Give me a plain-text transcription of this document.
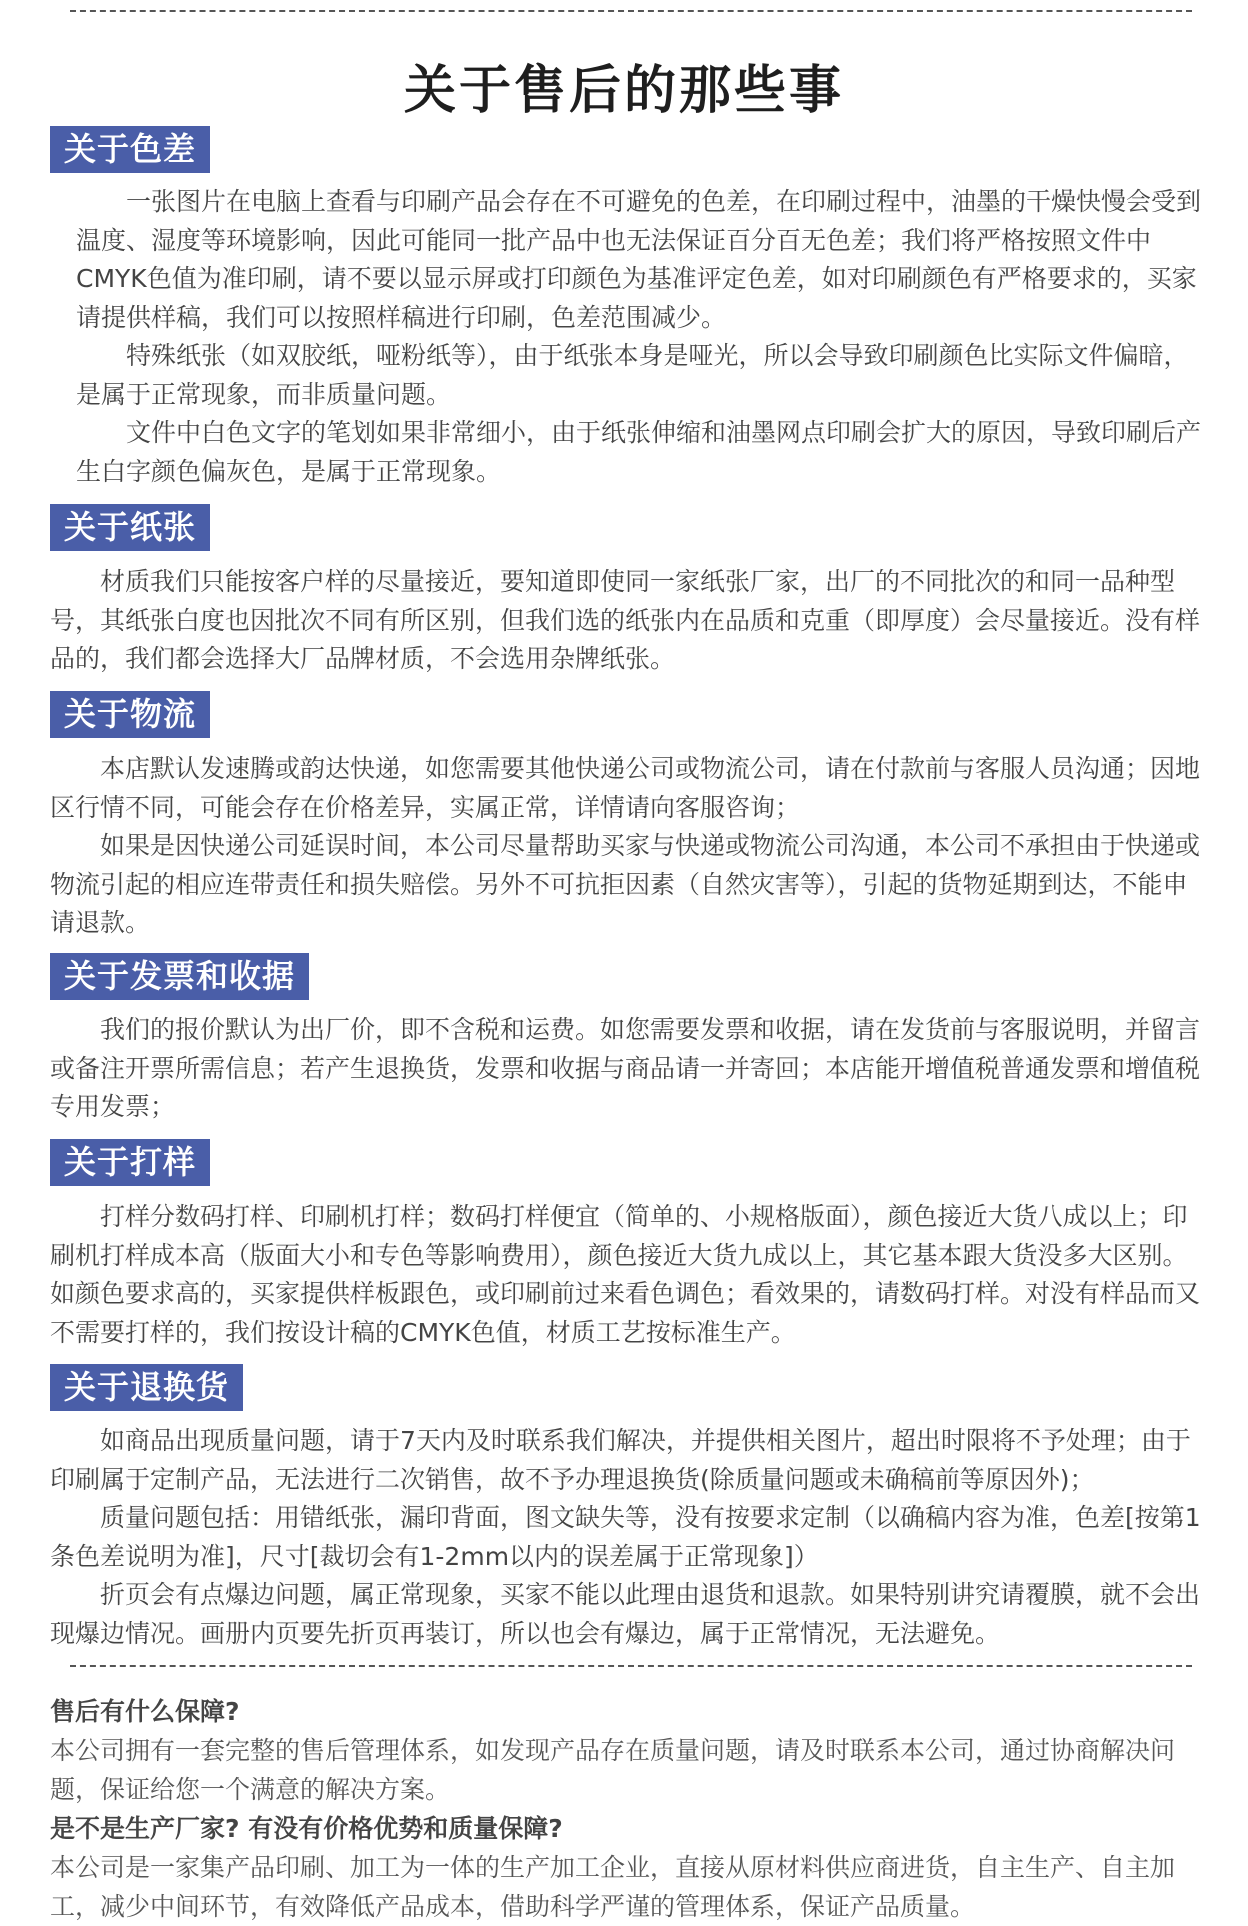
关于售后的那些事
关于色差

一张图片在电脑上查看与印刷产品会存在不可避免的色差，在印刷过程中，油墨的干燥快慢会受到温度、湿度等环境影响，因此可能同一批产品中也无法保证百分百无色差；我们将严格按照文件中CMYK色值为准印刷，请不要以显示屏或打印颜色为基准评定色差，如对印刷颜色有严格要求的，买家请提供样稿，我们可以按照样稿进行印刷，色差范围减少。

特殊纸张（如双胶纸，哑粉纸等），由于纸张本身是哑光，所以会导致印刷颜色比实际文件偏暗，是属于正常现象，而非质量问题。

文件中白色文字的笔划如果非常细小，由于纸张伸缩和油墨网点印刷会扩大的原因，导致印刷后产生白字颜色偏灰色，是属于正常现象。

关于纸张

材质我们只能按客户样的尽量接近，要知道即使同一家纸张厂家，出厂的不同批次的和同一品种型号，其纸张白度也因批次不同有所区别，但我们选的纸张内在品质和克重（即厚度）会尽量接近。没有样品的，我们都会选择大厂品牌材质，不会选用杂牌纸张。

关于物流

本店默认发速腾或韵达快递，如您需要其他快递公司或物流公司，请在付款前与客服人员沟通；因地区行情不同，可能会存在价格差异，实属正常，详情请向客服咨询；

如果是因快递公司延误时间，本公司尽量帮助买家与快递或物流公司沟通，本公司不承担由于快递或物流引起的相应连带责任和损失赔偿。另外不可抗拒因素（自然灾害等），引起的货物延期到达，不能申请退款。

关于发票和收据

我们的报价默认为出厂价，即不含税和运费。如您需要发票和收据，请在发货前与客服说明，并留言或备注开票所需信息；若产生退换货，发票和收据与商品请一并寄回；本店能开增值税普通发票和增值税专用发票；

关于打样

打样分数码打样、印刷机打样；数码打样便宜（简单的、小规格版面），颜色接近大货八成以上；印刷机打样成本高（版面大小和专色等影响费用），颜色接近大货九成以上，其它基本跟大货没多大区别。如颜色要求高的，买家提供样板跟色，或印刷前过来看色调色；看效果的，请数码打样。对没有样品而又不需要打样的，我们按设计稿的CMYK色值，材质工艺按标准生产。

关于退换货

如商品出现质量问题，请于7天内及时联系我们解决，并提供相关图片，超出时限将不予处理；由于印刷属于定制产品，无法进行二次销售，故不予办理退换货(除质量问题或未确稿前等原因外)；

质量问题包括：用错纸张，漏印背面，图文缺失等，没有按要求定制（以确稿内容为准，色差[按第1条色差说明为准]，尺寸[裁切会有1-2mm以内的误差属于正常现象]）

折页会有点爆边问题，属正常现象，买家不能以此理由退货和退款。如果特别讲究请覆膜，就不会出现爆边情况。画册内页要先折页再装订，所以也会有爆边，属于正常情况，无法避免。

售后有什么保障?

本公司拥有一套完整的售后管理体系，如发现产品存在质量问题，请及时联系本公司，通过协商解决问题，保证给您一个满意的解决方案。

是不是生产厂家? 有没有价格优势和质量保障?

本公司是一家集产品印刷、加工为一体的生产加工企业，直接从原材料供应商进货，自主生产、自主加工，减少中间环节，有效降低产品成本，借助科学严谨的管理体系，保证产品质量。
